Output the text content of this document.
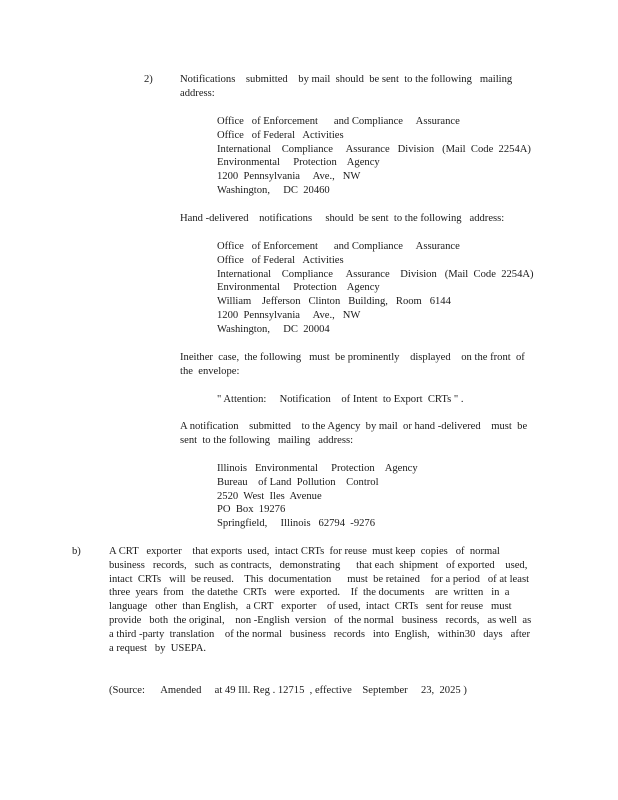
2)	Notifications    submitted    by mail  should  be sent  to the following   mailing
address:
Office   of Enforcement      and Compliance     Assurance
Office   of Federal   Activities
International    Compliance     Assurance   Division   (Mail  Code  2254A)
Environmental     Protection    Agency
1200  Pennsylvania     Ave.,   NW
Washington,     DC  20460
Hand -delivered    notifications     should  be sent  to the following   address:
Office   of Enforcement      and Compliance     Assurance
Office   of Federal   Activities
International    Compliance     Assurance    Division   (Mail  Code  2254A)
Environmental     Protection    Agency
William    Jefferson   Clinton   Building,   Room   6144
1200  Pennsylvania     Ave.,   NW
Washington,     DC  20004
Ineither  case,  the following   must  be prominently    displayed    on the front  of
the  envelope:
" Attention:     Notification    of Intent  to Export  CRTs " .
A notification    submitted    to the Agency  by mail  or hand -delivered    must  be
sent  to the following   mailing   address:
Illinois   Environmental     Protection    Agency
Bureau    of Land  Pollution    Control
2520  West  Iles  Avenue
PO  Box  19276
Springfield,     Illinois   62794  -9276
b)	A CRT   exporter    that exports  used,  intact CRTs  for reuse  must keep  copies   of  normal
business   records,   such  as contracts,   demonstrating      that each  shipment   of exported    used,
intact  CRTs   will  be reused.    This  documentation      must  be retained    for a period   of at least
three  years  from   the datethe  CRTs   were  exported.    If  the documents    are  written   in  a
language   other  than English,   a CRT   exporter    of used,  intact  CRTs   sent for reuse   must
provide   both  the original,    non -English  version   of  the normal   business   records,   as well  as
a third -party  translation    of the normal   business   records   into  English,   within30   days   after
a request   by  USEPA.
(Source:      Amended     at 49 Ill. Reg . 12715  , effective    September     23,  2025 )
